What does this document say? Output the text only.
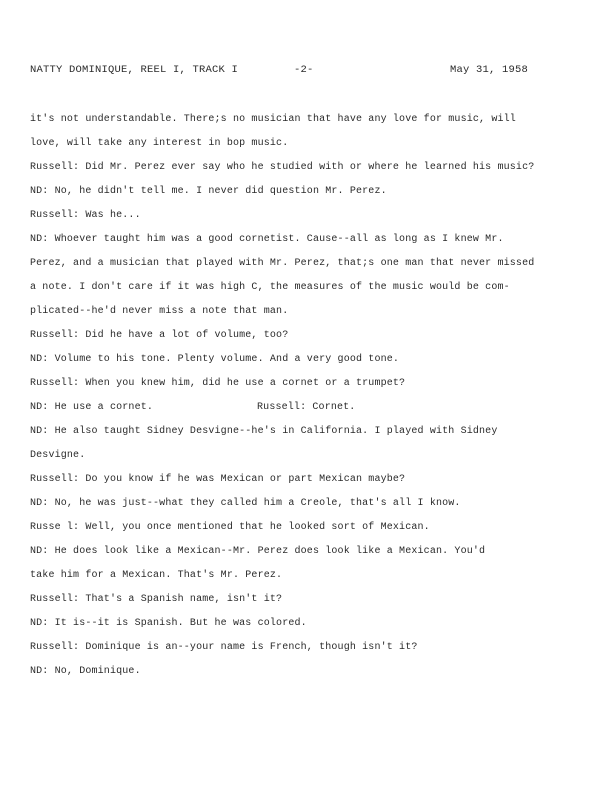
NATTY DOMINIQUE, REEL I, TRACK I	-2-	May 31, 1958
it's not understandable. There;s no musician that have any love for music, will
love, will take any interest in bop music.
Russell: Did Mr. Perez ever say who he studied with or where he learned his music?
ND: No, he didn't tell me. I never did question Mr. Perez.
Russell: Was he...
ND: Whoever taught him was a good cornetist. Cause--all as long as I knew Mr.
Perez, and a musician that played with Mr. Perez, that;s one man that never missed
a note. I don't care if it was high C, the measures of the music would be com-
plicated--he'd never miss a note that man.
Russell: Did he have a lot of volume, too?
ND: Volume to his tone. Plenty volume. And a very good tone.
Russell: When you knew him, did he use a cornet or a trumpet?
ND: He use a cornet.	Russell: Cornet.
ND: He also taught Sidney Desvigne--he's in California. I played with Sidney
Desvigne.
Russell: Do you know if he was Mexican or part Mexican maybe?
ND: No, he was just--what they called him a Creole, that's all I know.
Russe l: Well, you once mentioned that he looked sort of Mexican.
ND: He does look like a Mexican--Mr. Perez does look like a Mexican. You'd
take him for a Mexican. That's Mr. Perez.
Russell: That's a Spanish name, isn't it?
ND: It is--it is Spanish. But he was colored.
Russell: Dominique is an--your name is French, though isn't it?
ND: No, Dominique.
